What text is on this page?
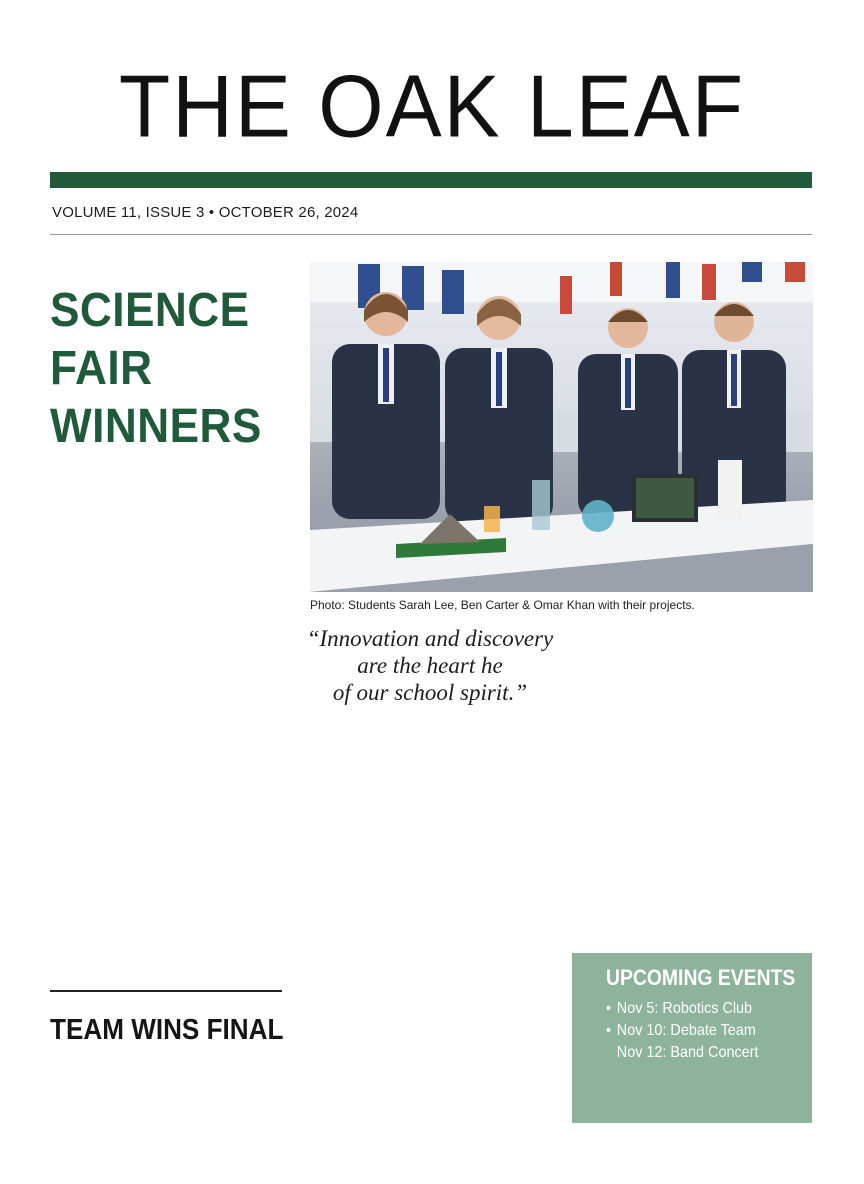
THE OAK LEAF
VOLUME 11, ISSUE 3 • OCTOBER 26, 2024
SCIENCE FAIR
WINNERS
Photo: Students Sarah Lee, Ben Carter & Omar Khan with their projects.

“Innovation and discovery
are the heart he
of our school spirit.”
TEAM WINS FINAL

UPCOMING EVENTS
• Nov 5: Robotics Club
• Nov 10: Debate Team
Nov 12: Band Concert
